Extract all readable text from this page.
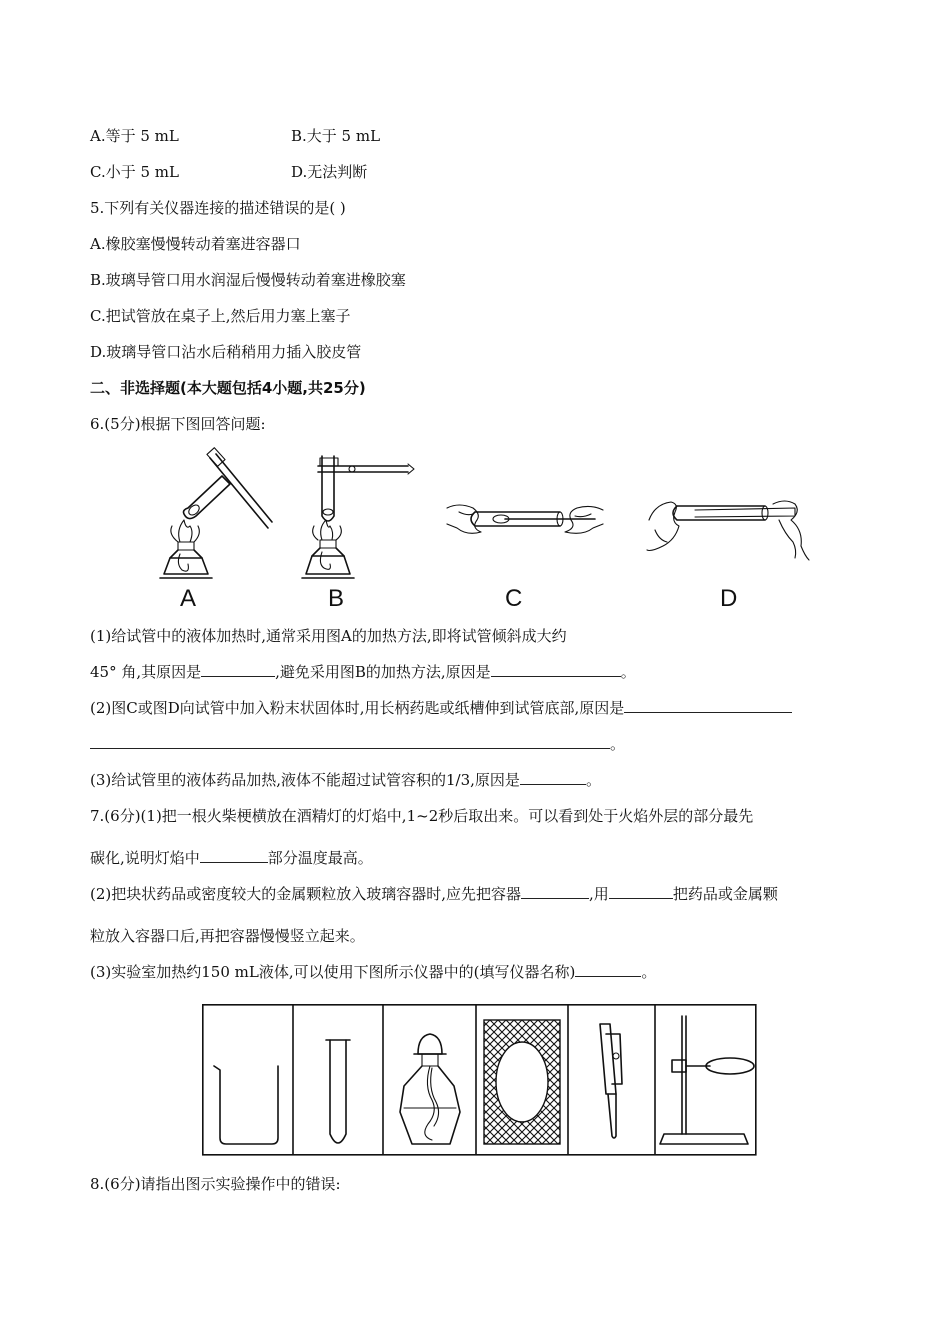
A.等于 5 mL	B.大于 5 mL
C.小于 5 mL	D.无法判断
5.下列有关仪器连接的描述错误的是( )
A.橡胶塞慢慢转动着塞进容器口
B.玻璃导管口用水润湿后慢慢转动着塞进橡胶塞
C.把试管放在桌子上,然后用力塞上塞子
D.玻璃导管口沾水后稍稍用力插入胶皮管
二、非选择题(本大题包括4小题,共25分)
6.(5分)根据下图回答问题:
A	B	C	D
(1)给试管中的液体加热时,通常采用图A的加热方法,即将试管倾斜成大约
45° 角,其原因是	,避免采用图B的加热方法,原因是	。
(2)图C或图D向试管中加入粉末状固体时,用长柄药匙或纸槽伸到试管底部,原因是
。
(3)给试管里的液体药品加热,液体不能超过试管容积的1/3,原因是	。
7.(6分)(1)把一根火柴梗横放在酒精灯的灯焰中,1~2秒后取出来。可以看到处于火焰外层的部分最先
碳化,说明灯焰中	部分温度最高。
(2)把块状药品或密度较大的金属颗粒放入玻璃容器时,应先把容器	,用	把药品或金属颗
粒放入容器口后,再把容器慢慢竖立起来。
(3)实验室加热约150 mL液体,可以使用下图所示仪器中的(填写仪器名称)	。
8.(6分)请指出图示实验操作中的错误:
